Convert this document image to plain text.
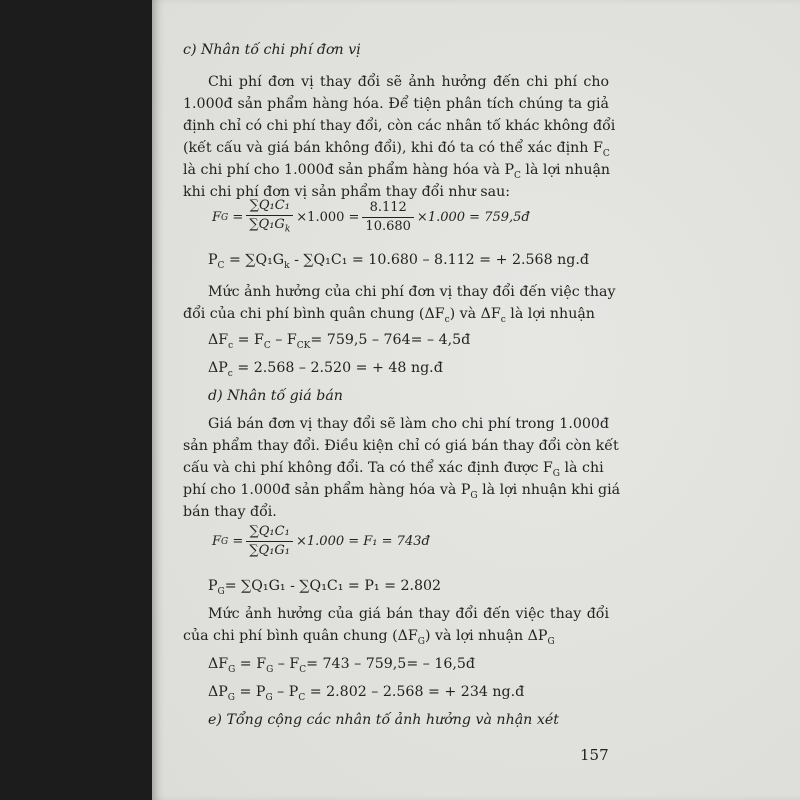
c) Nhân tố chi phí đơn vị
Chi phí đơn vị thay đổi sẽ ảnh hưởng đến chi phí cho
1.000đ sản phẩm hàng hóa. Để tiện phân tích chúng ta giả
định chỉ có chi phí thay đổi, còn các nhân tố khác không đổi
(kết cấu và giá bán không đổi), khi đó ta có thể xác định $F_C$
là chi phí cho 1.000đ sản phẩm hàng hóa và $P_C$ là lợi nhuận
khi chi phí đơn vị sản phẩm thay đổi như sau:
F $G = \frac{\text{∑Q₁C₁}}{\sum Q_1G_k} \times 1.000 = \frac{8.112}{10.680} \times 1.000$ = 759,5đ
$P_C = \sum Q_1G_k - \sum Q_1C_1 = 10.680 - 8.112$ = + 2.568 ng.đ
Mức ảnh hưởng của chi phí đơn vị thay đổi đến việc thay
đổi của chi phí bình quân chung $(\Delta F_c)$ và $\Delta F_c$ là lợi nhuận
$\Delta F_c = F_C - F_{CK}= 759,5 - 764=$ – 4,5đ
$\Delta P_c = 2.568 - 2.520$ = + 48 ng.đ
d) Nhân tố giá bán
Giá bán đơn vị thay đổi sẽ làm cho chi phí trong 1.000đ
sản phẩm thay đổi. Điều kiện chỉ có giá bán thay đổi còn kết
cấu và chi phí không đổi. Ta có thể xác định được $F_G$ là chi
phí cho 1.000đ sản phẩm hàng hóa và $P_G$ là lợi nhuận khi giá
bán thay đổi.
F $G = \frac{\text{∑Q₁C₁}}{\text{∑Q₁G₁}} \times 1.000 = F_1$ = 743đ
$P_G= \sum Q_1G_1 - \sum Q_1C_1 = P_1 = 2.802$
Mức ảnh hưởng của giá bán thay đổi đến việc thay đổi
của chi phí bình quân chung $(\Delta F_G)$ và lợi nhuận $\Delta P_G$
$\Delta F_G = F_G - F_C= 743 - 759,5=$ – 16,5đ
$\Delta P_G = P_G - P_C = 2.802 - 2.568$ = + 234 ng.đ
e) Tổng cộng các nhân tố ảnh hưởng và nhận xét
157
